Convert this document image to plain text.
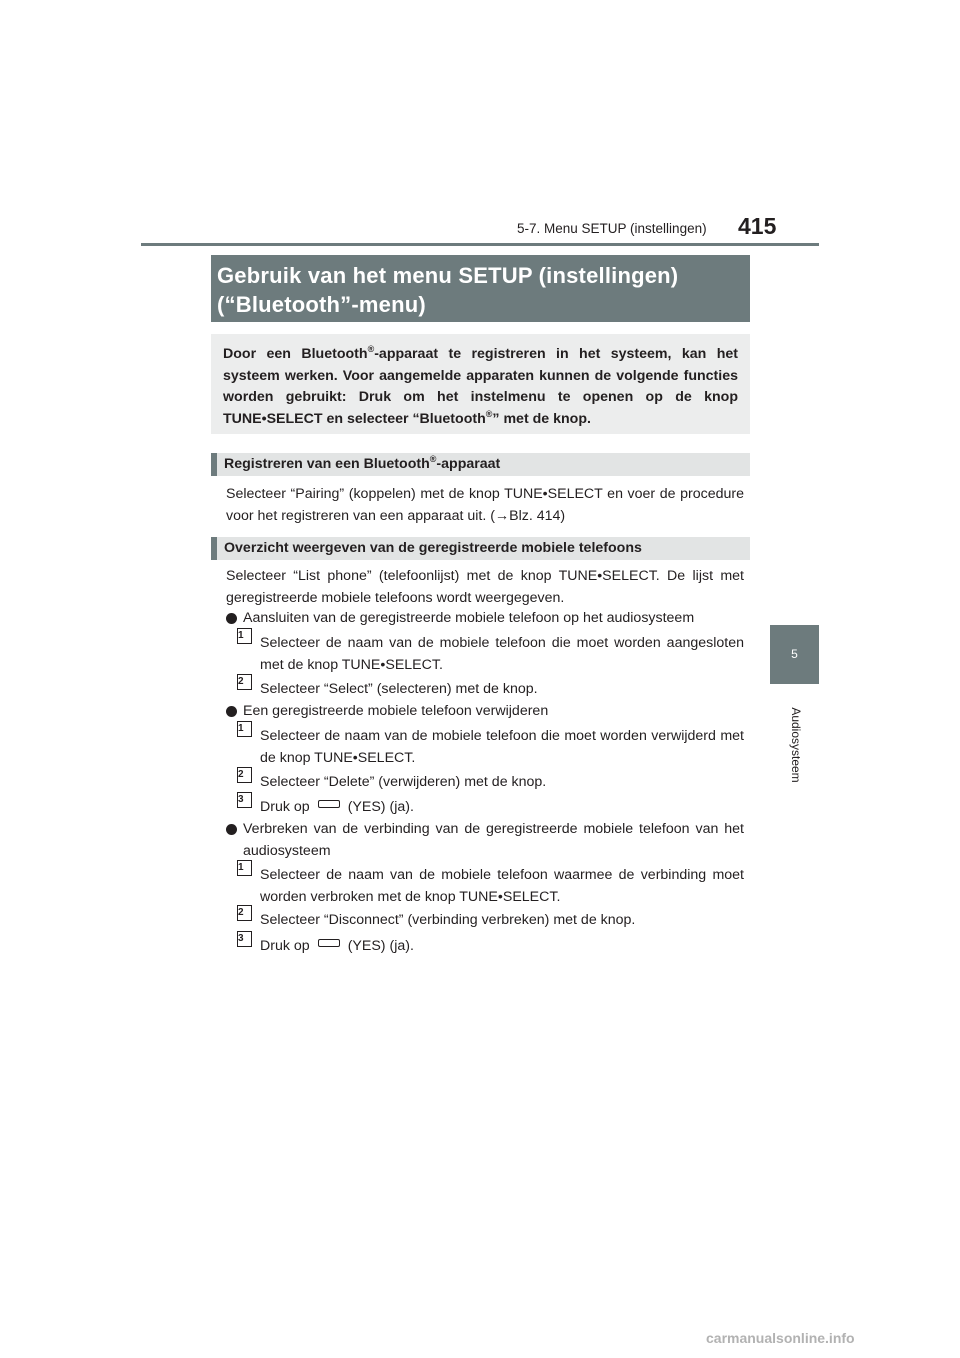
5-7. Menu SETUP (instellingen) 415
5
Audiosysteem
Gebruik van het menu SETUP (instellingen)
(“Bluetooth”-menu)

Door een Bluetooth®-apparaat te registreren in het systeem, kan het systeem werken. Voor aangemelde apparaten kunnen de volgende functies worden gebruikt: Druk om het instelmenu te openen op de knop TUNE•SELECT en selecteer “Bluetooth®” met de knop.

Registreren van een Bluetooth®-apparaat

Selecteer “Pairing” (koppelen) met de knop TUNE•SELECT en voer de procedure voor het registreren van een apparaat uit. (→Blz. 414)

Overzicht weergeven van de geregistreerde mobiele telefoons

Selecteer “List phone” (telefoonlijst) met de knop TUNE•SELECT. De lijst met geregistreerde mobiele telefoons wordt weergegeven.

Aansluiten van de geregistreerde mobiele telefoon op het audiosysteem
1	Selecteer de naam van de mobiele telefoon die moet worden aangesloten met de knop TUNE•SELECT.
2	Selecteer “Select” (selecteren) met de knop.
Een geregistreerde mobiele telefoon verwijderen
1	Selecteer de naam van de mobiele telefoon die moet worden verwijderd met de knop TUNE•SELECT.
2	Selecteer “Delete” (verwijderen) met de knop.
3	Druk op	(YES) (ja).
Verbreken van de verbinding van de geregistreerde mobiele telefoon van het audiosysteem
1	Selecteer de naam van de mobiele telefoon waarmee de verbinding moet worden verbroken met de knop TUNE•SELECT.
2	Selecteer “Disconnect” (verbinding verbreken) met de knop.
3	Druk op	(YES) (ja).
carmanualsonline.info
